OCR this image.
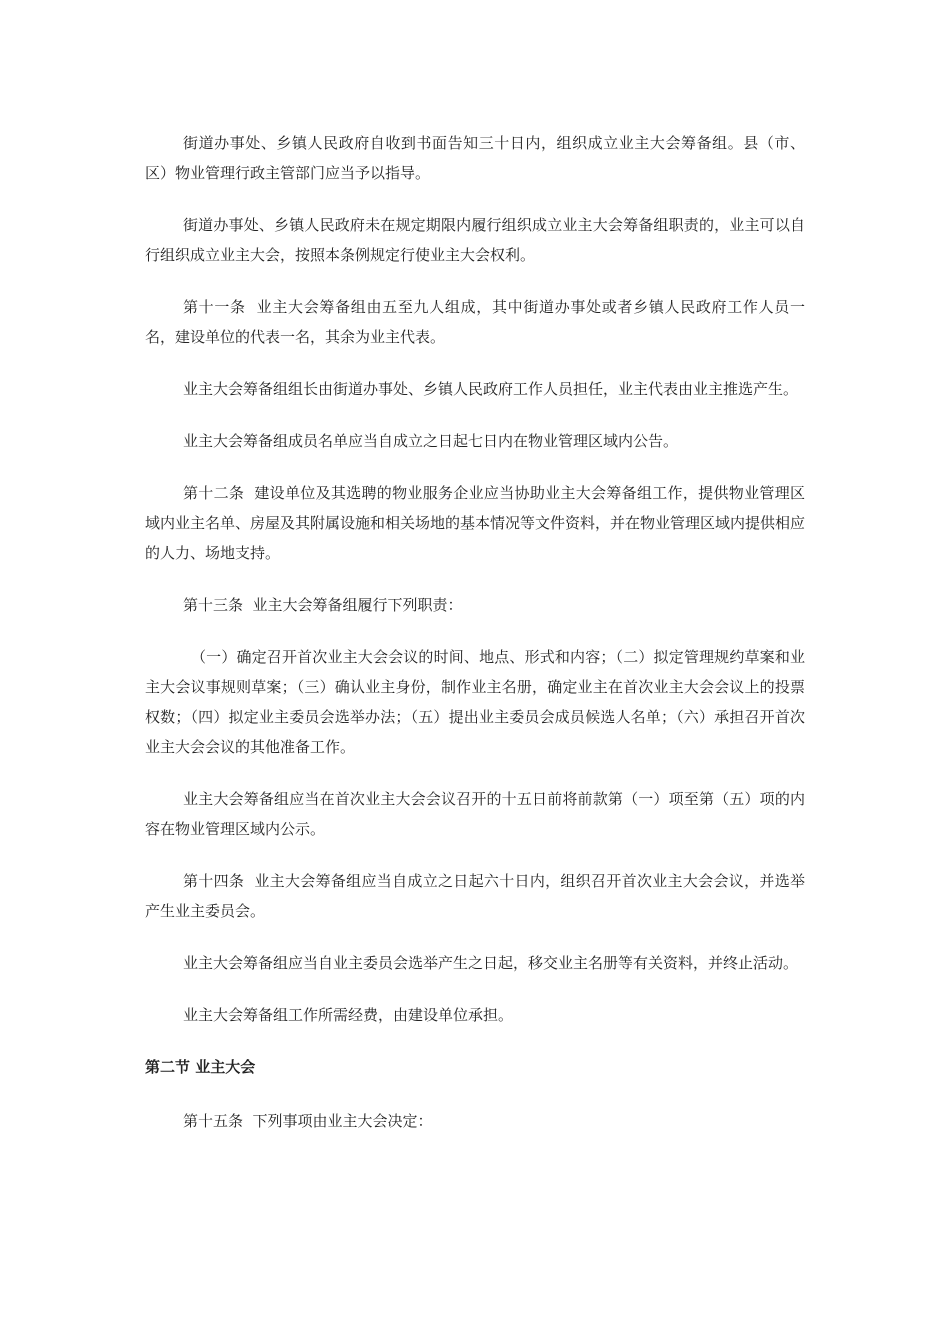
街道办事处、乡镇人民政府自收到书面告知三十日内，组织成立业主大会筹备组。县（市、区）物业管理行政主管部门应当予以指导。

街道办事处、乡镇人民政府未在规定期限内履行组织成立业主大会筹备组职责的，业主可以自行组织成立业主大会，按照本条例规定行使业主大会权利。

第十一条  业主大会筹备组由五至九人组成，其中街道办事处或者乡镇人民政府工作人员一名，建设单位的代表一名，其余为业主代表。

业主大会筹备组组长由街道办事处、乡镇人民政府工作人员担任，业主代表由业主推选产生。

业主大会筹备组成员名单应当自成立之日起七日内在物业管理区域内公告。

第十二条  建设单位及其选聘的物业服务企业应当协助业主大会筹备组工作，提供物业管理区域内业主名单、房屋及其附属设施和相关场地的基本情况等文件资料，并在物业管理区域内提供相应的人力、场地支持。

第十三条  业主大会筹备组履行下列职责：

（一）确定召开首次业主大会会议的时间、地点、形式和内容；（二）拟定管理规约草案和业主大会议事规则草案；（三）确认业主身份，制作业主名册，确定业主在首次业主大会会议上的投票权数；（四）拟定业主委员会选举办法；（五）提出业主委员会成员候选人名单；（六）承担召开首次业主大会会议的其他准备工作。

业主大会筹备组应当在首次业主大会会议召开的十五日前将前款第（一）项至第（五）项的内容在物业管理区域内公示。

第十四条  业主大会筹备组应当自成立之日起六十日内，组织召开首次业主大会会议，并选举产生业主委员会。

业主大会筹备组应当自业主委员会选举产生之日起，移交业主名册等有关资料，并终止活动。

业主大会筹备组工作所需经费，由建设单位承担。

第二节 业主大会

第十五条  下列事项由业主大会决定：
